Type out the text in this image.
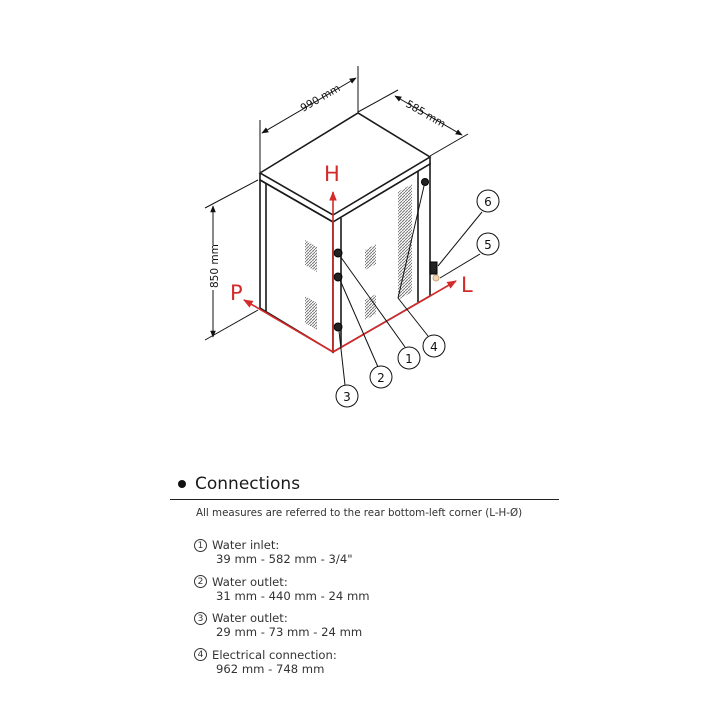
990 mm	585 mm
850 mm
H
P	L
1
2
3
4
5
6
Connections
All measures are referred to the rear bottom-left corner (L-H-Ø)
1 Water inlet:
39 mm - 582 mm - 3/4"
2 Water outlet:
31 mm - 440 mm - 24 mm
3 Water outlet:
29 mm - 73 mm - 24 mm
4 Electrical connection:
962 mm - 748 mm
